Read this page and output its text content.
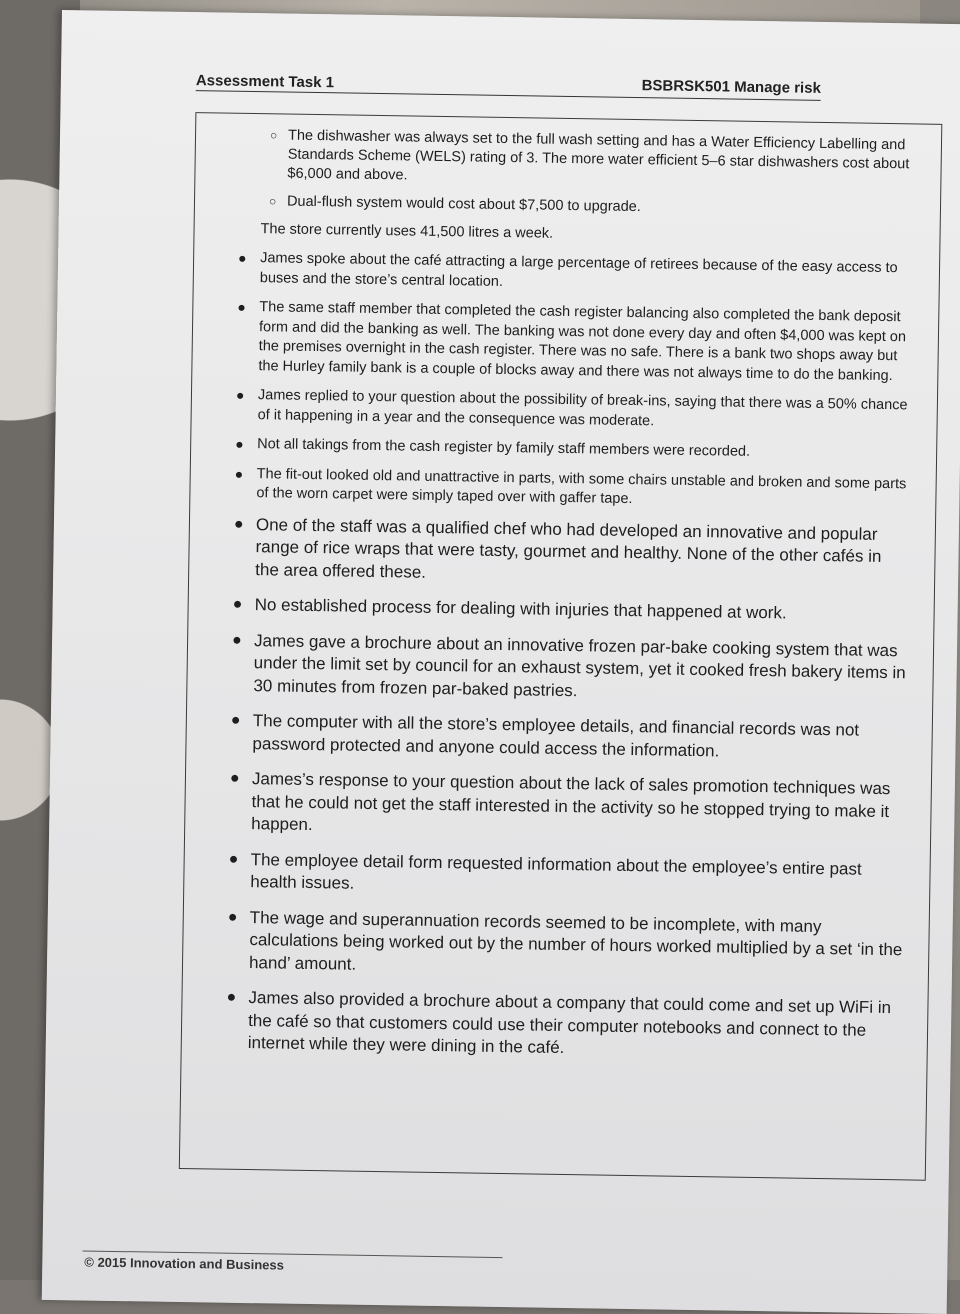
Assessment Task 1	BSBRSK501 Manage risk
○ The dishwasher was always set to the full wash setting and has a Water Efficiency Labelling and Standards Scheme (WELS) rating of 3. The more water efficient 5–6 star dishwashers cost about $6,000 and above.
○ Dual-flush system would cost about $7,500 to upgrade.
The store currently uses 41,500 litres a week.
● James spoke about the café attracting a large percentage of retirees because of the easy access to buses and the store’s central location.
● The same staff member that completed the cash register balancing also completed the bank deposit form and did the banking as well. The banking was not done every day and often $4,000 was kept on the premises overnight in the cash register. There was no safe. There is a bank two shops away but the Hurley family bank is a couple of blocks away and there was not always time to do the banking.
● James replied to your question about the possibility of break-ins, saying that there was a 50% chance of it happening in a year and the consequence was moderate.
● Not all takings from the cash register by family staff members were recorded.
● The fit-out looked old and unattractive in parts, with some chairs unstable and broken and some parts of the worn carpet were simply taped over with gaffer tape.
● One of the staff was a qualified chef who had developed an innovative and popular range of rice wraps that were tasty, gourmet and healthy. None of the other cafés in the area offered these.
● No established process for dealing with injuries that happened at work.
● James gave a brochure about an innovative frozen par-bake cooking system that was under the limit set by council for an exhaust system, yet it cooked fresh bakery items in 30 minutes from frozen par-baked pastries.
● The computer with all the store’s employee details, and financial records was not password protected and anyone could access the information.
● James’s response to your question about the lack of sales promotion techniques was that he could not get the staff interested in the activity so he stopped trying to make it happen.
● The employee detail form requested information about the employee’s entire past health issues.
● The wage and superannuation records seemed to be incomplete, with many calculations being worked out by the number of hours worked multiplied by a set ‘in the hand’ amount.
● James also provided a brochure about a company that could come and set up WiFi in the café so that customers could use their computer notebooks and connect to the internet while they were dining in the café.
© 2015 Innovation and Business
